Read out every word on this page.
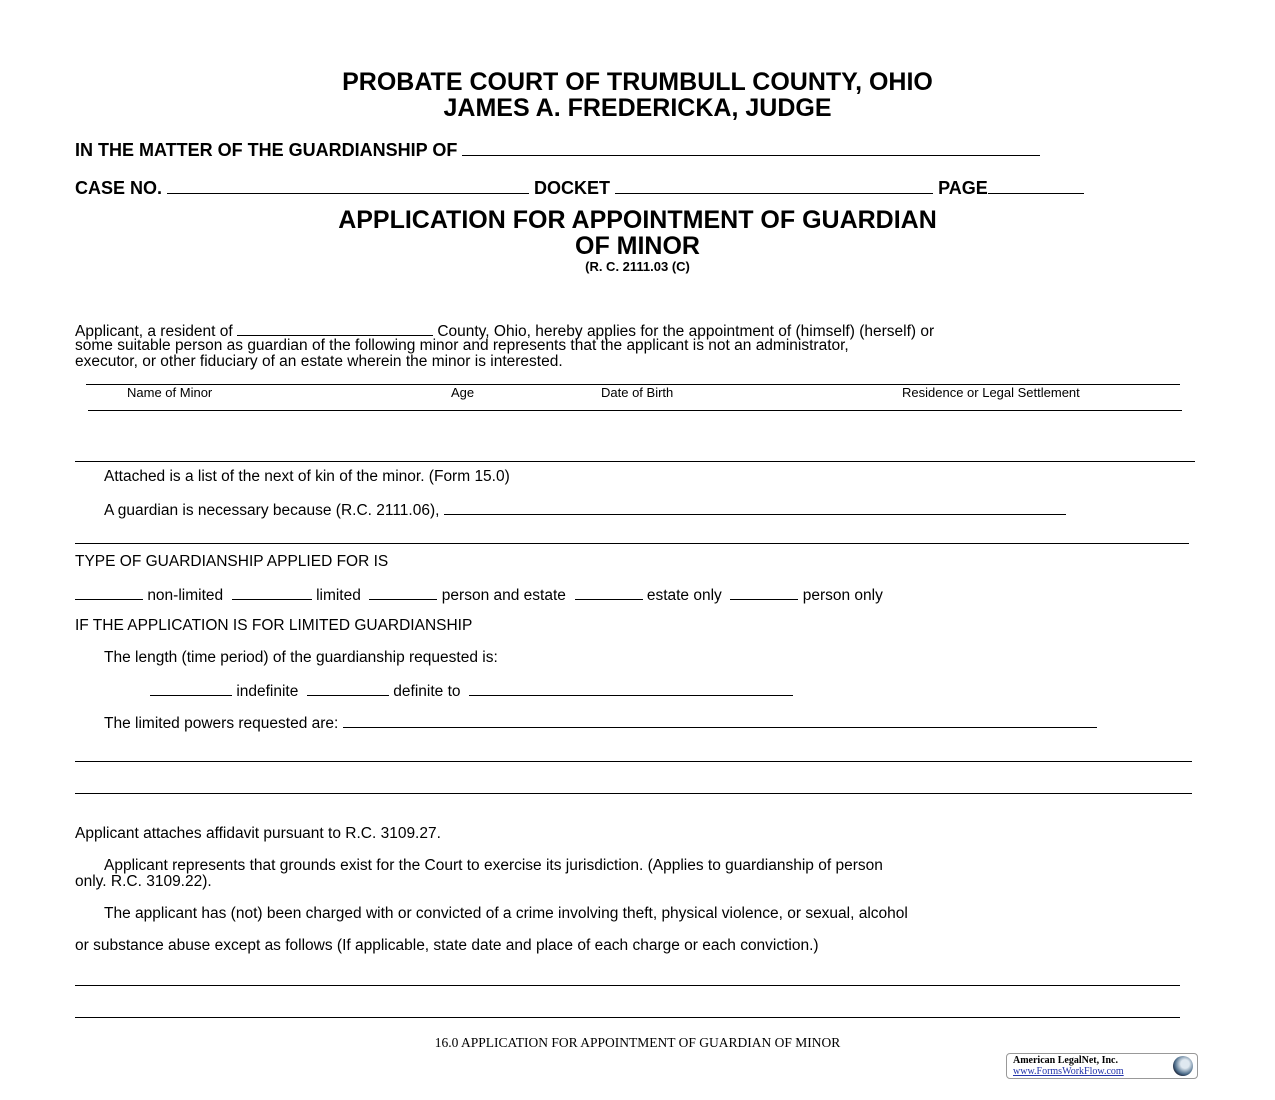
PROBATE COURT OF TRUMBULL COUNTY, OHIO
JAMES A. FREDERICKA, JUDGE
IN THE MATTER OF THE GUARDIANSHIP OF
CASE NO.	DOCKET	PAGE
APPLICATION FOR APPOINTMENT OF GUARDIAN
OF MINOR
(R. C. 2111.03 (C)
Applicant, a resident of	County, Ohio, hereby applies for the appointment of (himself) (herself) or
some suitable person as guardian of the following minor and represents that the applicant is not an administrator,
executor, or other fiduciary of an estate wherein the minor is interested.
Name of Minor	Age	Date of Birth	Residence or Legal Settlement
Attached is a list of the next of kin of the minor. (Form 15.0)
A guardian is necessary because (R.C. 2111.06),
TYPE OF GUARDIANSHIP APPLIED FOR IS
non-limited	limited	person and estate	estate only	person only
IF THE APPLICATION IS FOR LIMITED GUARDIANSHIP
The length (time period) of the guardianship requested is:
indefinite	definite to
The limited powers requested are:
Applicant attaches affidavit pursuant to R.C. 3109.27.
Applicant represents that grounds exist for the Court to exercise its jurisdiction. (Applies to guardianship of person
only. R.C. 3109.22).
The applicant has (not) been charged with or convicted of a crime involving theft, physical violence, or sexual, alcohol
or substance abuse except as follows (If applicable, state date and place of each charge or each conviction.)
16.0 APPLICATION FOR APPOINTMENT OF GUARDIAN OF MINOR
American LegalNet, Inc.
www.FormsWorkFlow.com
